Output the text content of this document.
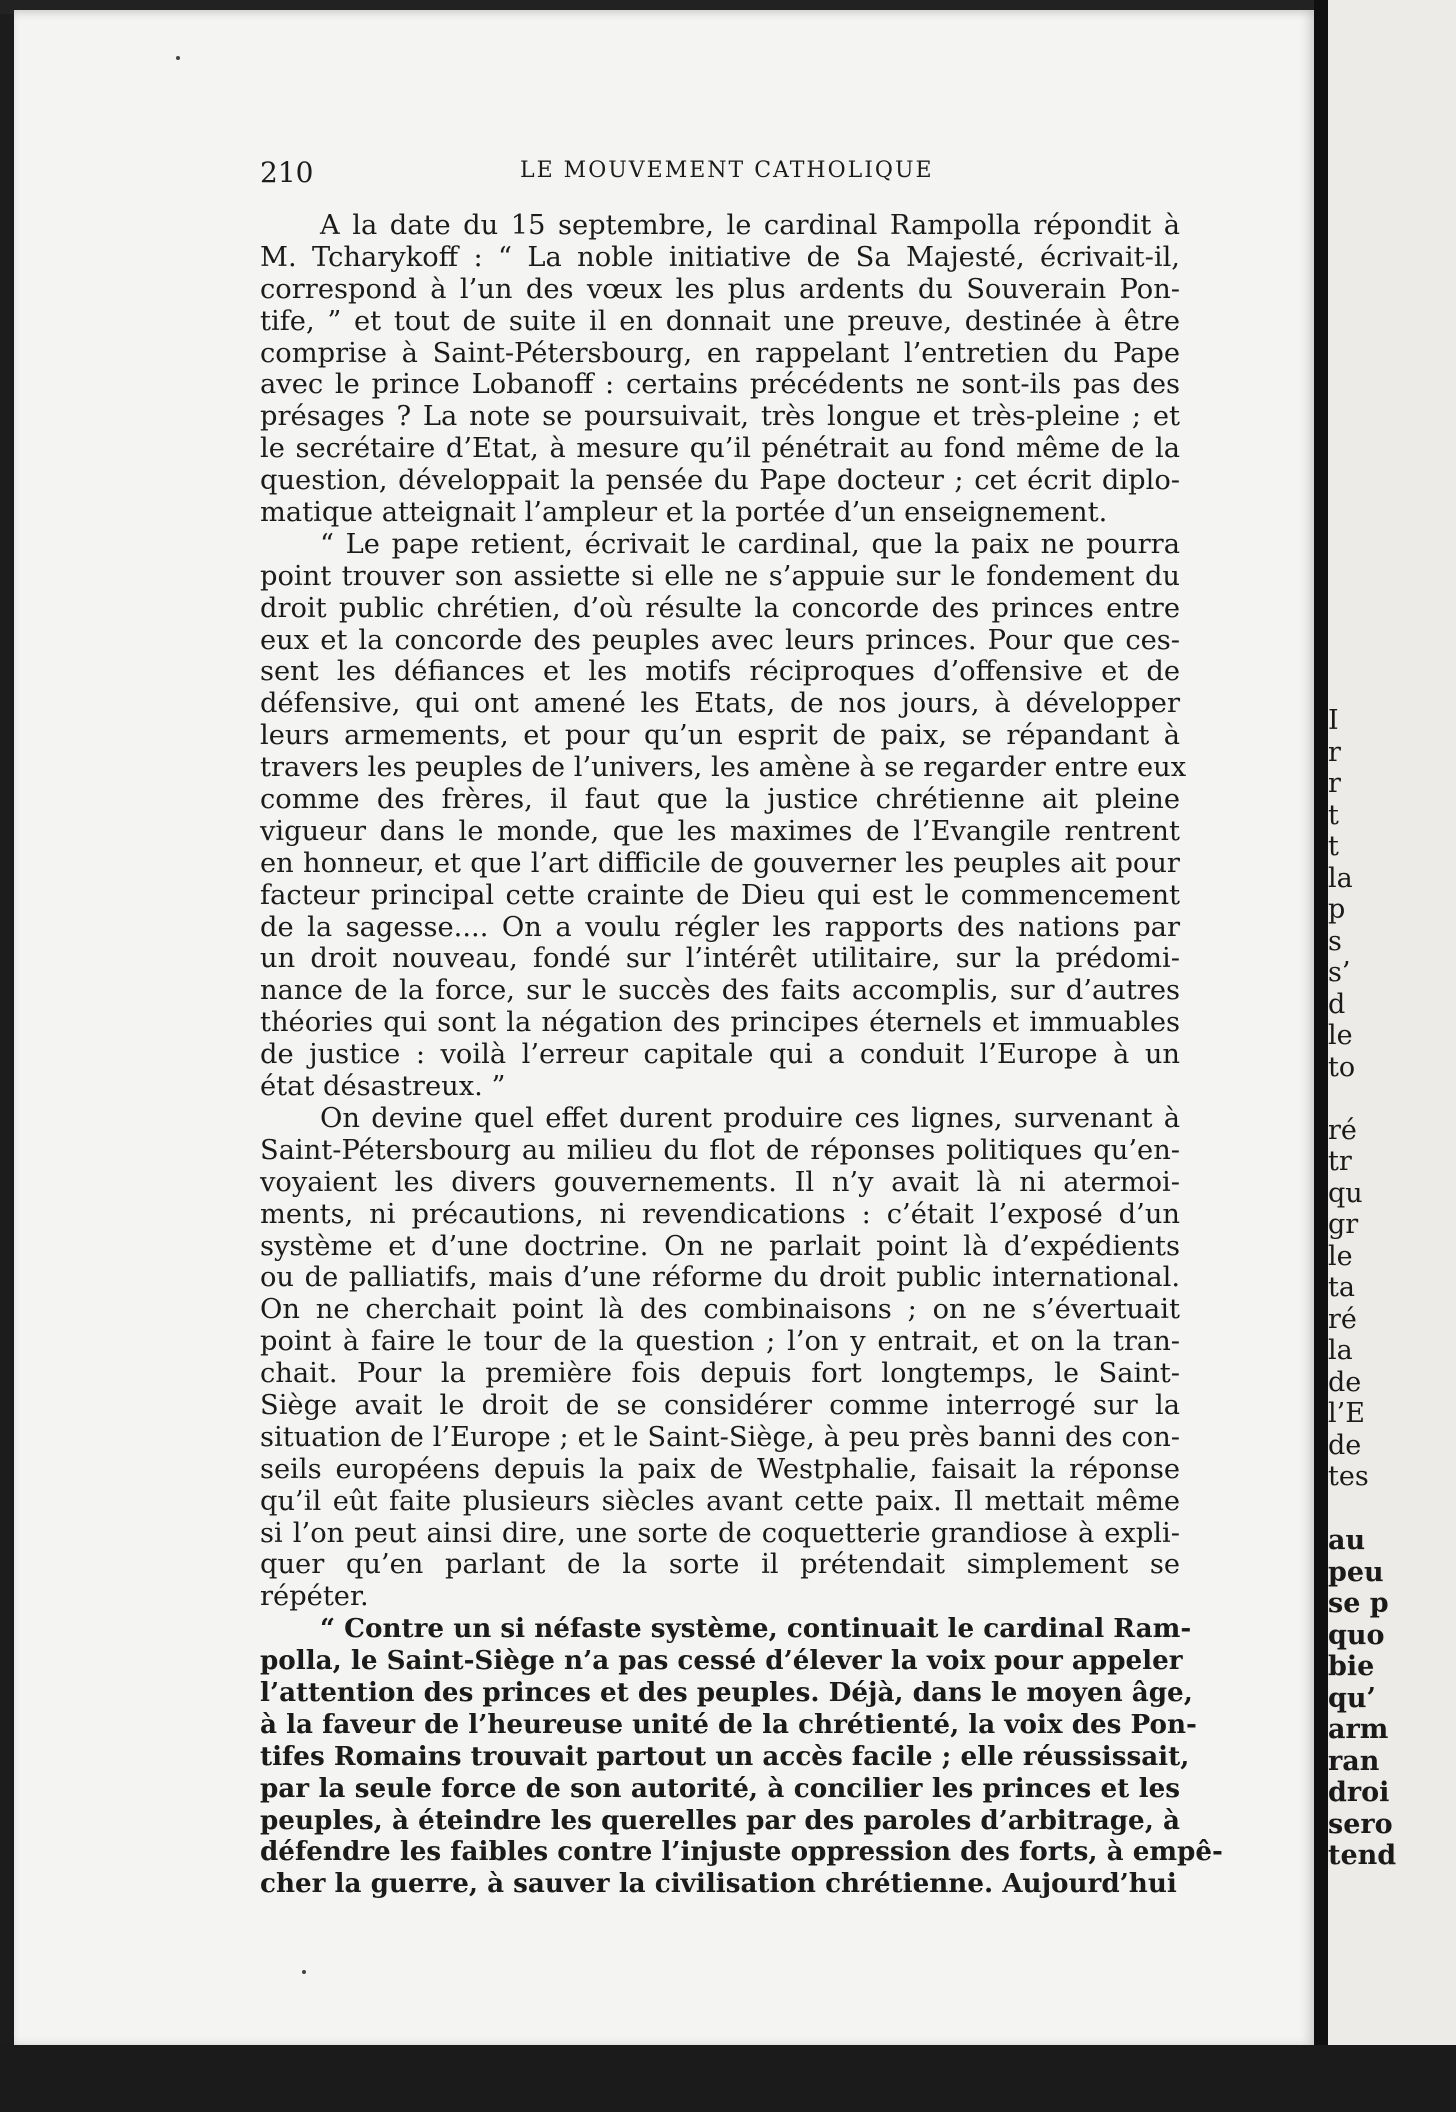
I
r
r
t
t
la
p
s
s’
d
le
to

ré
tr
qu
gr
le
ta
ré
la
de
l’E
de
tes
au
peu
se p
quo
bie
qu’
arm
ran
droi
sero
tend
210	LE MOUVEMENT CATHOLIQUE
A la date du 15 septembre, le cardinal Rampolla répondit à
M. Tcharykoff : “ La noble initiative de Sa Majesté, écrivait-il,
correspond à l’un des vœux les plus ardents du Souverain Pon-
tife, ” et tout de suite il en donnait une preuve, destinée à être
comprise à Saint-Pétersbourg, en rappelant l’entretien du Pape
avec le prince Lobanoff : certains précédents ne sont-ils pas des
présages ? La note se poursuivait, très longue et très-pleine ; et
le secrétaire d’Etat, à mesure qu’il pénétrait au fond même de la
question, développait la pensée du Pape docteur ; cet écrit diplo-
matique atteignait l’ampleur et la portée d’un enseignement.
“ Le pape retient, écrivait le cardinal, que la paix ne pourra
point trouver son assiette si elle ne s’appuie sur le fondement du
droit public chrétien, d’où résulte la concorde des princes entre
eux et la concorde des peuples avec leurs princes. Pour que ces-
sent les défiances et les motifs réciproques d’offensive et de
défensive, qui ont amené les Etats, de nos jours, à développer
leurs armements, et pour qu’un esprit de paix, se répandant à
travers les peuples de l’univers, les amène à se regarder entre eux
comme des frères, il faut que la justice chrétienne ait pleine
vigueur dans le monde, que les maximes de l’Evangile rentrent
en honneur, et que l’art difficile de gouverner les peuples ait pour
facteur principal cette crainte de Dieu qui est le commencement
de la sagesse.... On a voulu régler les rapports des nations par
un droit nouveau, fondé sur l’intérêt utilitaire, sur la prédomi-
nance de la force, sur le succès des faits accomplis, sur d’autres
théories qui sont la négation des principes éternels et immuables
de justice : voilà l’erreur capitale qui a conduit l’Europe à un
état désastreux. ”
On devine quel effet durent produire ces lignes, survenant à
Saint-Pétersbourg au milieu du flot de réponses politiques qu’en-
voyaient les divers gouvernements. Il n’y avait là ni atermoi-
ments, ni précautions, ni revendications : c’était l’exposé d’un
système et d’une doctrine. On ne parlait point là d’expédients
ou de palliatifs, mais d’une réforme du droit public international.
On ne cherchait point là des combinaisons ; on ne s’évertuait
point à faire le tour de la question ; l’on y entrait, et on la tran-
chait. Pour la première fois depuis fort longtemps, le Saint-
Siège avait le droit de se considérer comme interrogé sur la
situation de l’Europe ; et le Saint-Siège, à peu près banni des con-
seils européens depuis la paix de Westphalie, faisait la réponse
qu’il eût faite plusieurs siècles avant cette paix. Il mettait même
si l’on peut ainsi dire, une sorte de coquetterie grandiose à expli-
quer qu’en parlant de la sorte il prétendait simplement se
répéter.
“ Contre un si néfaste système, continuait le cardinal Ram-
polla, le Saint-Siège n’a pas cessé d’élever la voix pour appeler
l’attention des princes et des peuples. Déjà, dans le moyen âge,
à la faveur de l’heureuse unité de la chrétienté, la voix des Pon-
tifes Romains trouvait partout un accès facile ; elle réussissait,
par la seule force de son autorité, à concilier les princes et les
peuples, à éteindre les querelles par des paroles d’arbitrage, à
défendre les faibles contre l’injuste oppression des forts, à empê-
cher la guerre, à sauver la civilisation chrétienne. Aujourd’hui
